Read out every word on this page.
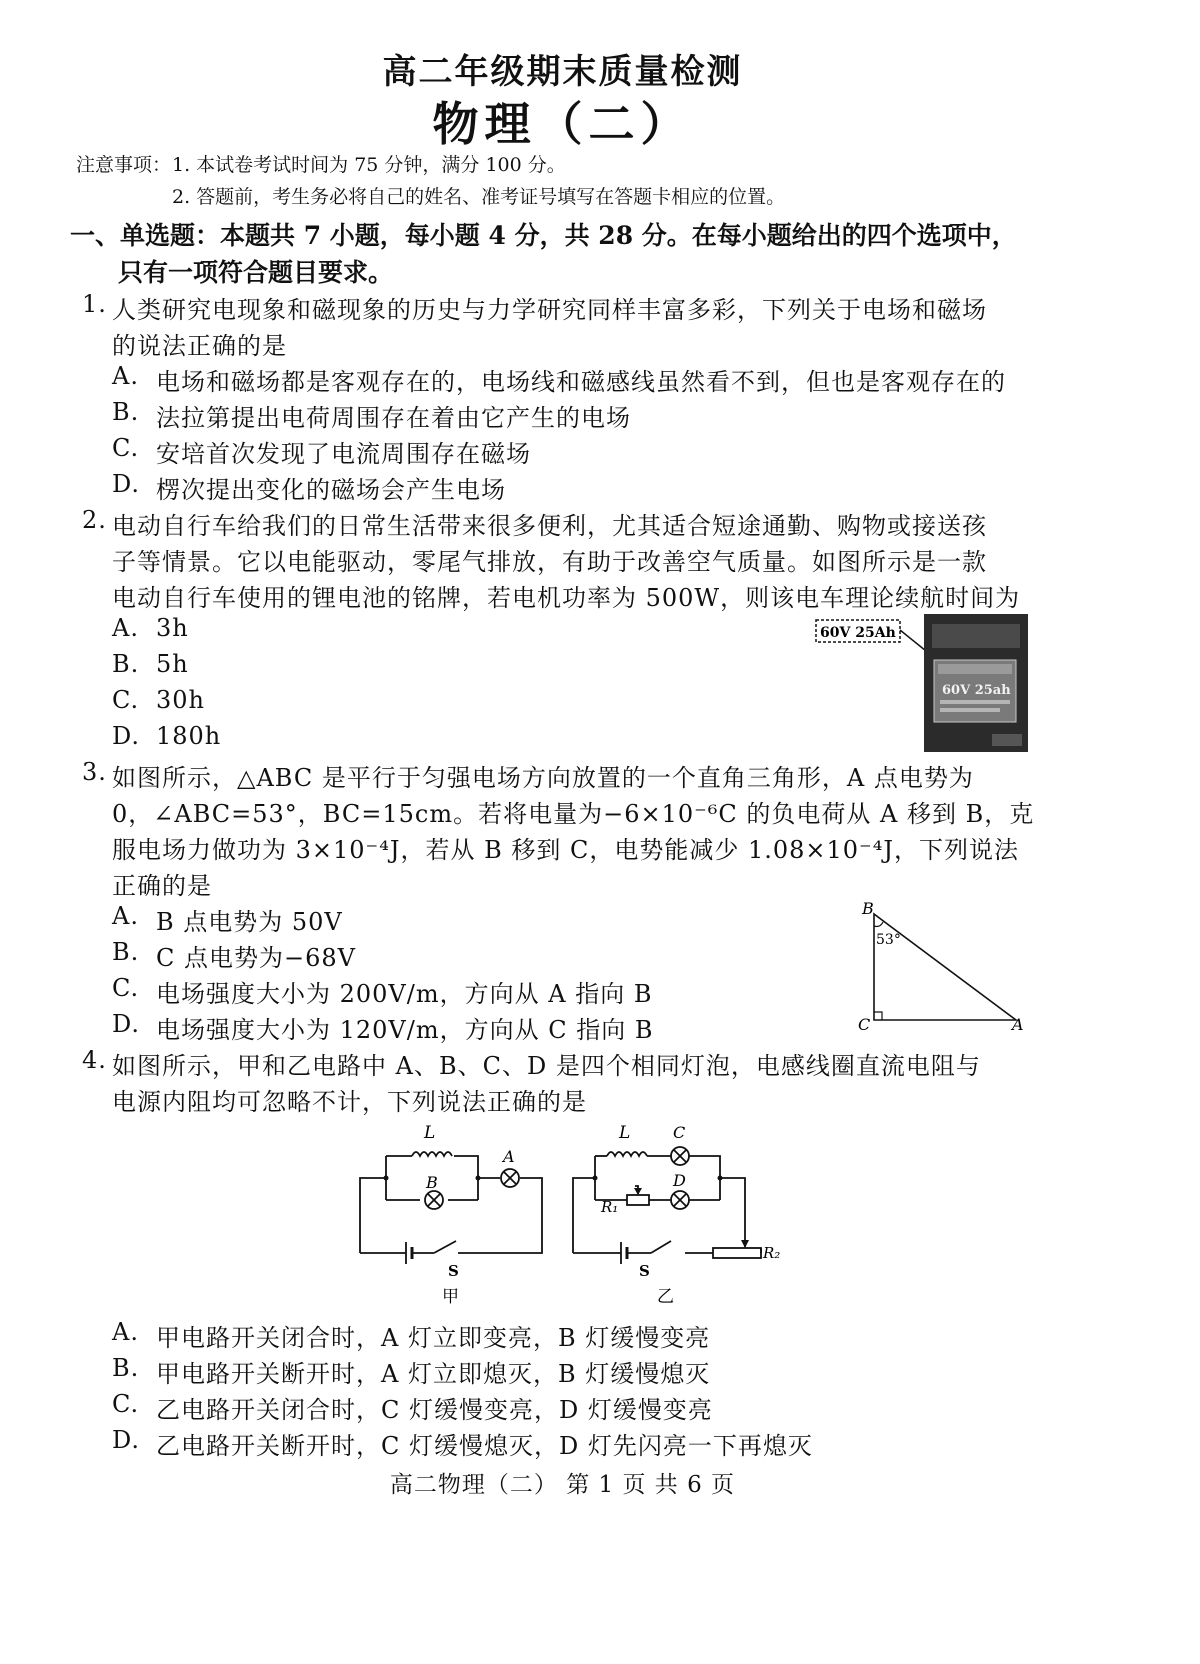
高二年级期末质量检测
物理（二）
注意事项： 1. 本试卷考试时间为 75 分钟，满分 100 分。
2. 答题前，考生务必将自己的姓名、准考证号填写在答题卡相应的位置。
一、单选题：本题共 7 小题，每小题 4 分，共 28 分。在每小题给出的四个选项中，
只有一项符合题目要求。
1. 人类研究电现象和磁现象的历史与力学研究同样丰富多彩，下列关于电场和磁场
的说法正确的是
A. 电场和磁场都是客观存在的，电场线和磁感线虽然看不到，但也是客观存在的
B. 法拉第提出电荷周围存在着由它产生的电场
C. 安培首次发现了电流周围存在磁场
D. 楞次提出变化的磁场会产生电场
2. 电动自行车给我们的日常生活带来很多便利，尤其适合短途通勤、购物或接送孩
子等情景。它以电能驱动，零尾气排放，有助于改善空气质量。如图所示是一款
电动自行车使用的锂电池的铭牌，若电机功率为 500W，则该电车理论续航时间为
A. 3h
B. 5h
C. 30h
D. 180h
60V 25Ah
60V 25ah
3. 如图所示，△ABC 是平行于匀强电场方向放置的一个直角三角形，A 点电势为
0，∠ABC=53°，BC=15cm。若将电量为−6×10⁻⁶C 的负电荷从 A 移到 B，克
服电场力做功为 3×10⁻⁴J，若从 B 移到 C，电势能减少 1.08×10⁻⁴J，下列说法
正确的是
A. B 点电势为 50V
B. C 点电势为−68V
C. 电场强度大小为 200V/m，方向从 A 指向 B
D. 电场强度大小为 120V/m，方向从 C 指向 B
B
53°
C	A
4. 如图所示，甲和乙电路中 A、B、C、D 是四个相同灯泡，电感线圈直流电阻与
电源内阻均可忽略不计，下列说法正确的是
L
B
A
S
甲
L	C
D
R₁
R₂
S
乙
A. 甲电路开关闭合时，A 灯立即变亮，B 灯缓慢变亮
B. 甲电路开关断开时，A 灯立即熄灭，B 灯缓慢熄灭
C. 乙电路开关闭合时，C 灯缓慢变亮，D 灯缓慢变亮
D. 乙电路开关断开时，C 灯缓慢熄灭，D 灯先闪亮一下再熄灭
高二物理（二） 第 1 页 共 6 页
